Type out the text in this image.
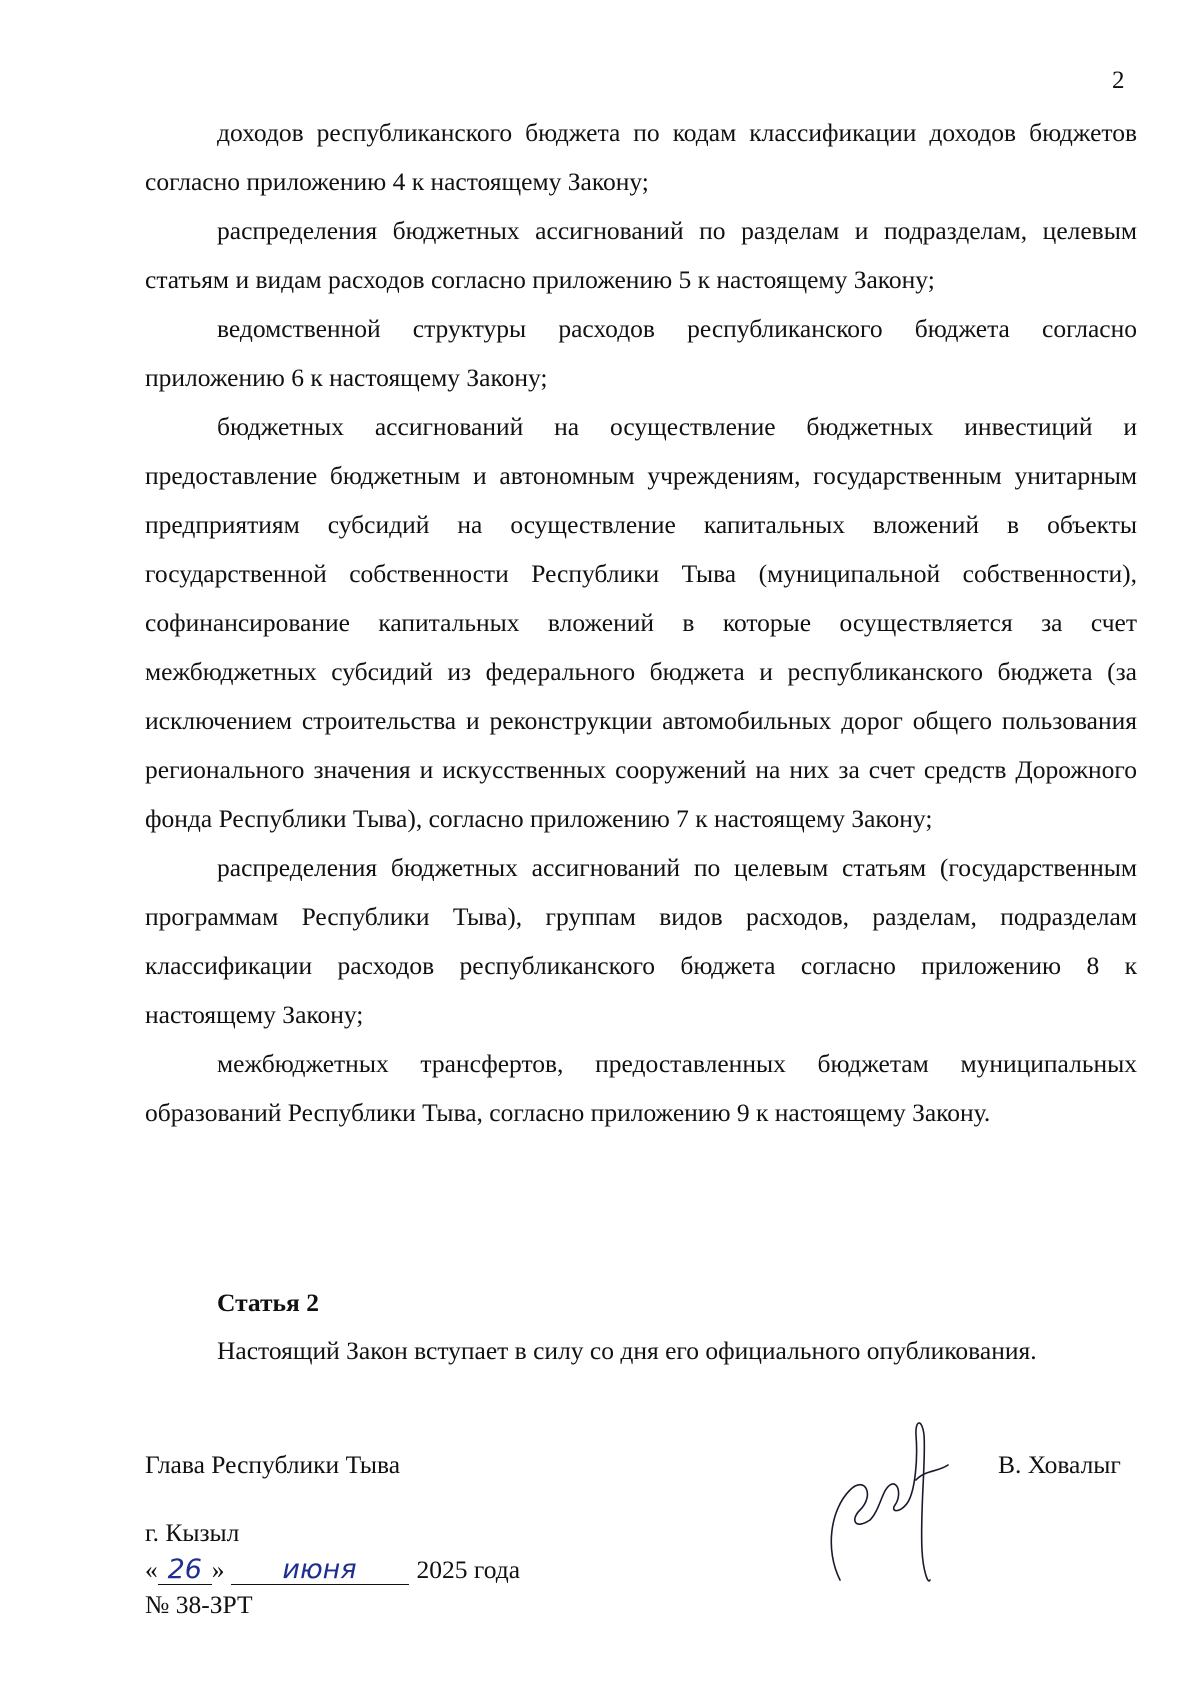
2

доходов республиканского бюджета по кодам классификации доходов бюджетов согласно приложению 4 к настоящему Закону;

распределения бюджетных ассигнований по разделам и подразделам, целевым статьям и видам расходов согласно приложению 5 к настоящему Закону;

ведомственной структуры расходов республиканского бюджета согласно приложению 6 к настоящему Закону;

бюджетных ассигнований на осуществление бюджетных инвестиций и предоставление бюджетным и автономным учреждениям, государственным унитарным предприятиям субсидий на осуществление капитальных вложений в объекты государственной собственности Республики Тыва (муниципальной собственности), софинансирование капитальных вложений в которые осуществляется за счет межбюджетных субсидий из федерального бюджета и республиканского бюджета (за исключением строительства и реконструкции автомобильных дорог общего пользования регионального значения и искусственных сооружений на них за счет средств Дорожного фонда Республики Тыва), согласно приложению 7 к настоящему Закону;

распределения бюджетных ассигнований по целевым статьям (государственным программам Республики Тыва), группам видов расходов, разделам, подразделам классификации расходов республиканского бюджета согласно приложению 8 к настоящему Закону;

межбюджетных трансфертов, предоставленных бюджетам муниципальных образований Республики Тыва, согласно приложению 9 к настоящему Закону.

Статья 2

Настоящий Закон вступает в силу со дня его официального опубликования.

Глава Республики Тыва	В. Ховалыг
г. Кызыл
« 26 » июня 2025 года
№ 38-ЗРТ
